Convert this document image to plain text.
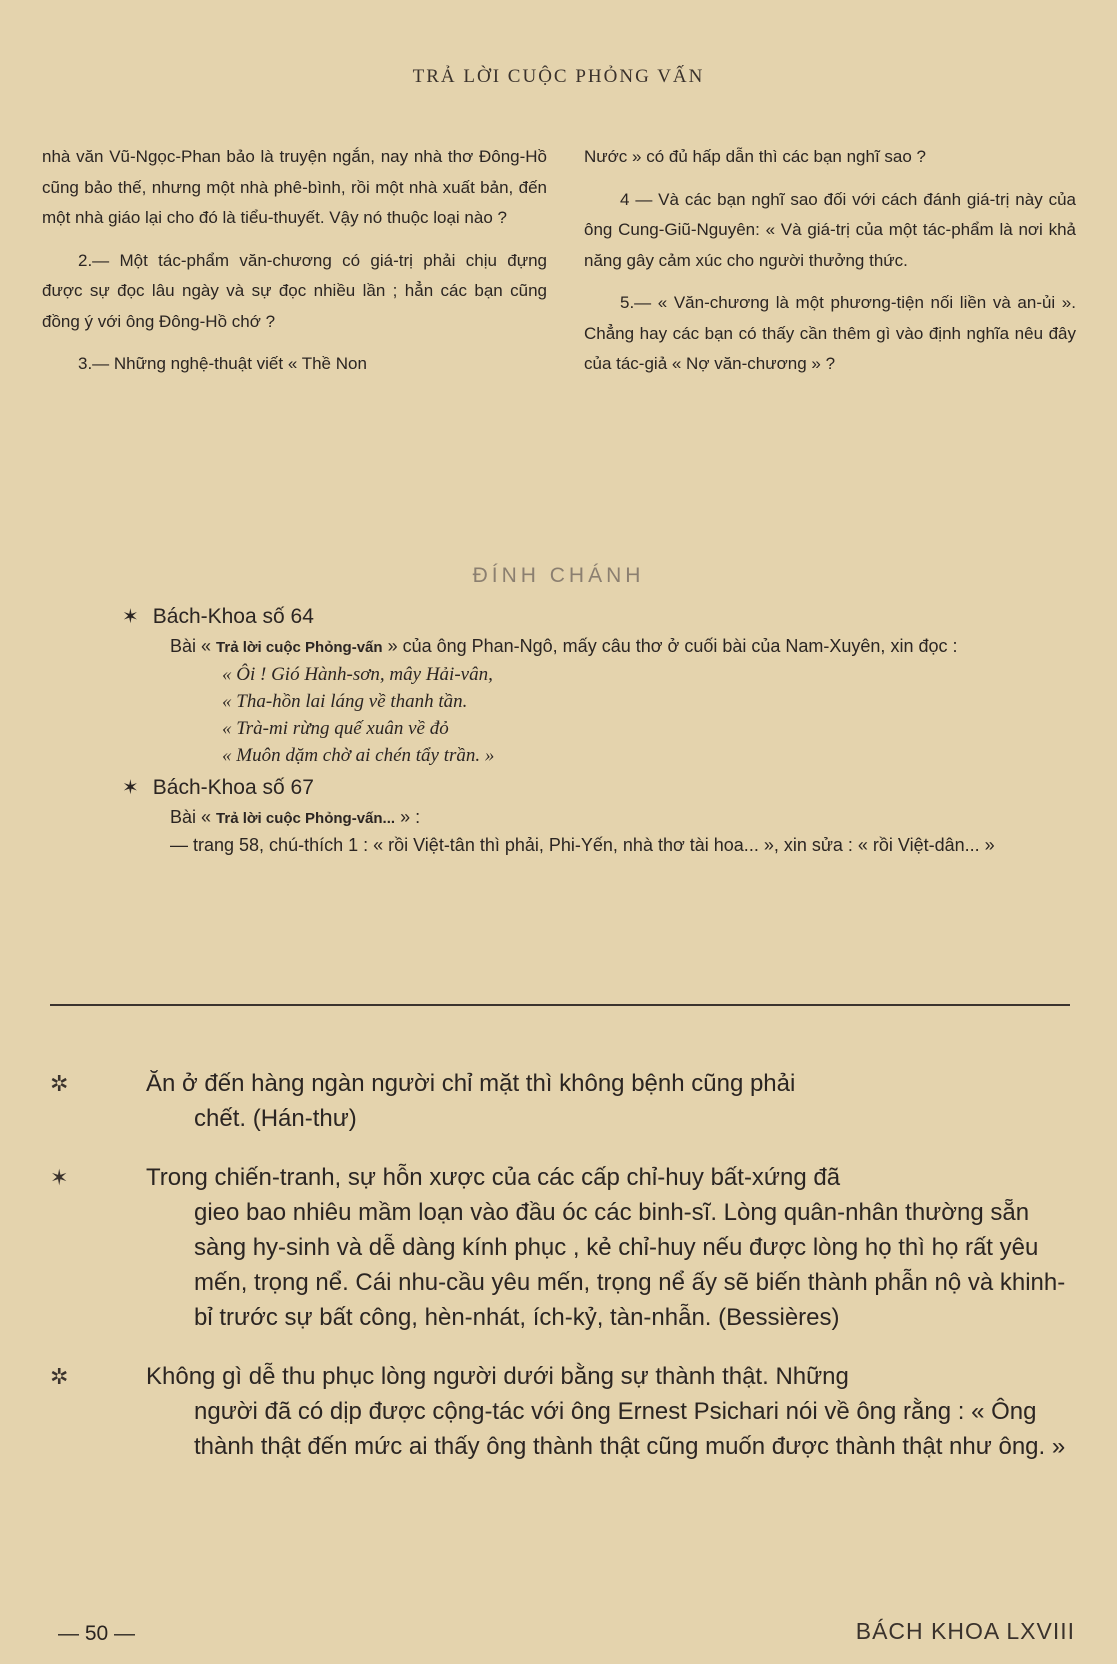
TRẢ LỜI CUỘC PHỎNG VẤN

nhà văn Vũ-Ngọc-Phan bảo là truyện ngắn, nay nhà thơ Đông-Hồ cũng bảo thế, nhưng một nhà phê-bình, rồi một nhà xuất bản, đến một nhà giáo lại cho đó là tiểu-thuyết. Vậy nó thuộc loại nào ?

2.— Một tác-phẩm văn-chương có giá-trị phải chịu đựng được sự đọc lâu ngày và sự đọc nhiều lần ; hẳn các bạn cũng đồng ý với ông Đông-Hồ chớ ?

3.— Những nghệ-thuật viết « Thề Non

Nước » có đủ hấp dẫn thì các bạn nghĩ sao ?

4 — Và các bạn nghĩ sao đối với cách đánh giá-trị này của ông Cung-Giũ-Nguyên: « Và giá-trị của một tác-phẩm là nơi khả năng gây cảm xúc cho người thưởng thức.

5.— « Văn-chương là một phương-tiện nối liền và an-ủi ». Chẳng hay các bạn có thấy cần thêm gì vào định nghĩa nêu đây của tác-giả « Nợ văn-chương » ?

ĐÍNH CHÁNH
✶ Bách-Khoa số 64
Bài « Trả lời cuộc Phỏng-vấn » của ông Phan-Ngô, mấy câu thơ ở cuối bài của Nam-Xuyên, xin đọc :
« Ôi ! Gió Hành-sơn, mây Hải-vân,
« Tha-hồn lai láng về thanh tần.
« Trà-mi rừng quế xuân về đỏ
« Muôn dặm chờ ai chén tẩy trần. »
✶ Bách-Khoa số 67
Bài « Trả lời cuộc Phỏng-vấn... » :
— trang 58, chú-thích 1 : « rồi Việt-tân thì phải, Phi-Yến, nhà thơ tài hoa... », xin sửa : « rồi Việt-dân... »
✲	Ăn ở đến hàng ngàn người chỉ mặt thì không bệnh cũng phải
chết. (Hán-thư)
✶	Trong chiến-tranh, sự hỗn xược của các cấp chỉ-huy bất-xứng đã
gieo bao nhiêu mầm loạn vào đầu óc các binh-sĩ. Lòng quân-nhân thường sẵn sàng hy-sinh và dễ dàng kính phục , kẻ chỉ-huy nếu được lòng họ thì họ rất yêu mến, trọng nể. Cái nhu-cầu yêu mến, trọng nể ấy sẽ biến thành phẫn nộ và khinh-bỉ trước sự bất công, hèn-nhát, ích-kỷ, tàn-nhẫn. (Bessières)
✲	Không gì dễ thu phục lòng người dưới bằng sự thành thật. Những
người đã có dịp được cộng-tác với ông Ernest Psichari nói về ông rằng : « Ông thành thật đến mức ai thấy ông thành thật cũng muốn được thành thật như ông. »
— 50 —	BÁCH KHOA LXVIII
